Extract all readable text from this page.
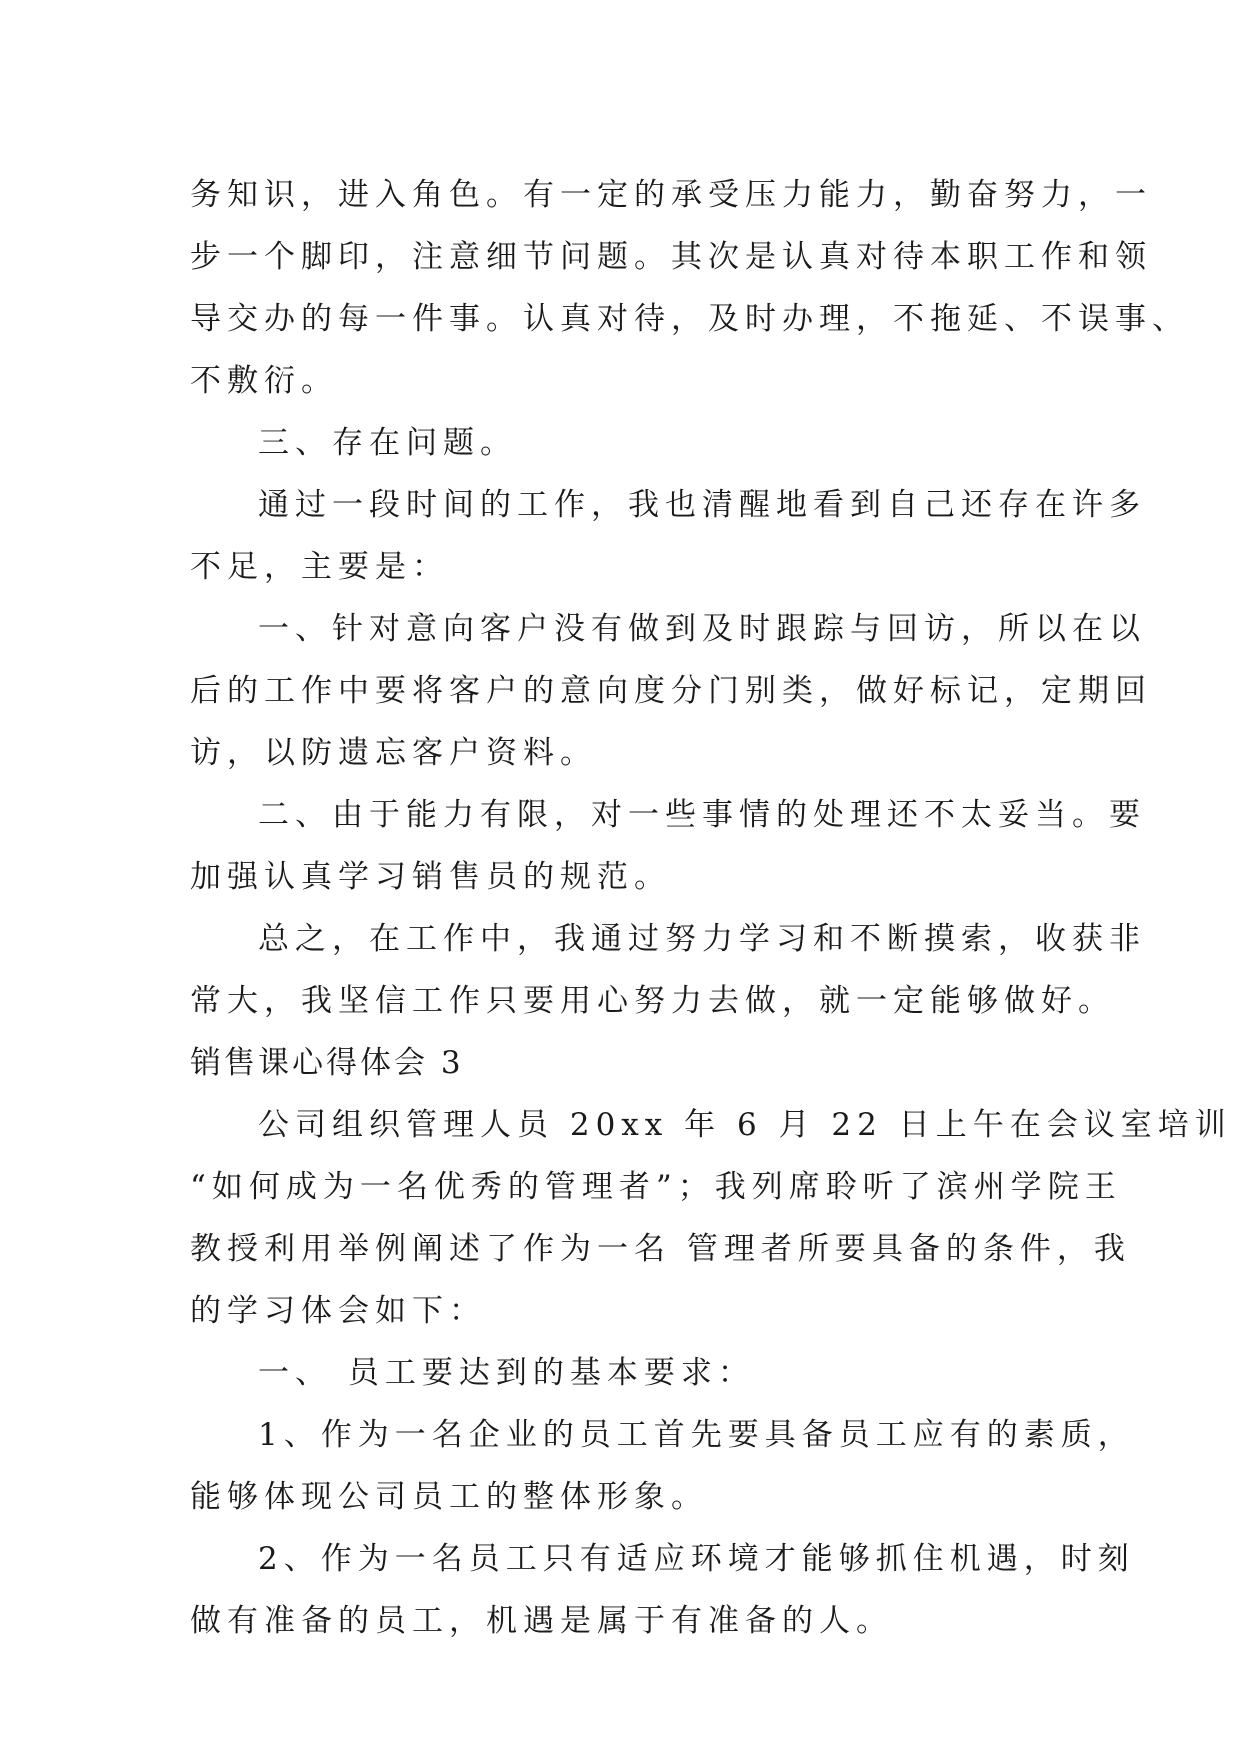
务知识，进入角色。有一定的承受压力能力，勤奋努力，一
步一个脚印，注意细节问题。其次是认真对待本职工作和领
导交办的每一件事。认真对待，及时办理，不拖延、不误事、
不敷衍。
三、存在问题。
通过一段时间的工作，我也清醒地看到自己还存在许多
不足，主要是：
一、针对意向客户没有做到及时跟踪与回访，所以在以
后的工作中要将客户的意向度分门别类，做好标记，定期回
访，以防遗忘客户资料。
二、由于能力有限，对一些事情的处理还不太妥当。要
加强认真学习销售员的规范。
总之，在工作中，我通过努力学习和不断摸索，收获非
常大，我坚信工作只要用心努力去做，就一定能够做好。
销售课心得体会 3
公司组织管理人员 20xx 年 6 月 22 日上午在会议室培训
“如何成为一名优秀的管理者”；我列席聆听了滨州学院王
教授利用举例阐述了作为一名 管理者所要具备的条件，我
的学习体会如下：
一、 员工要达到的基本要求：
1、作为一名企业的员工首先要具备员工应有的素质，
能够体现公司员工的整体形象。
2、作为一名员工只有适应环境才能够抓住机遇，时刻
做有准备的员工，机遇是属于有准备的人。
